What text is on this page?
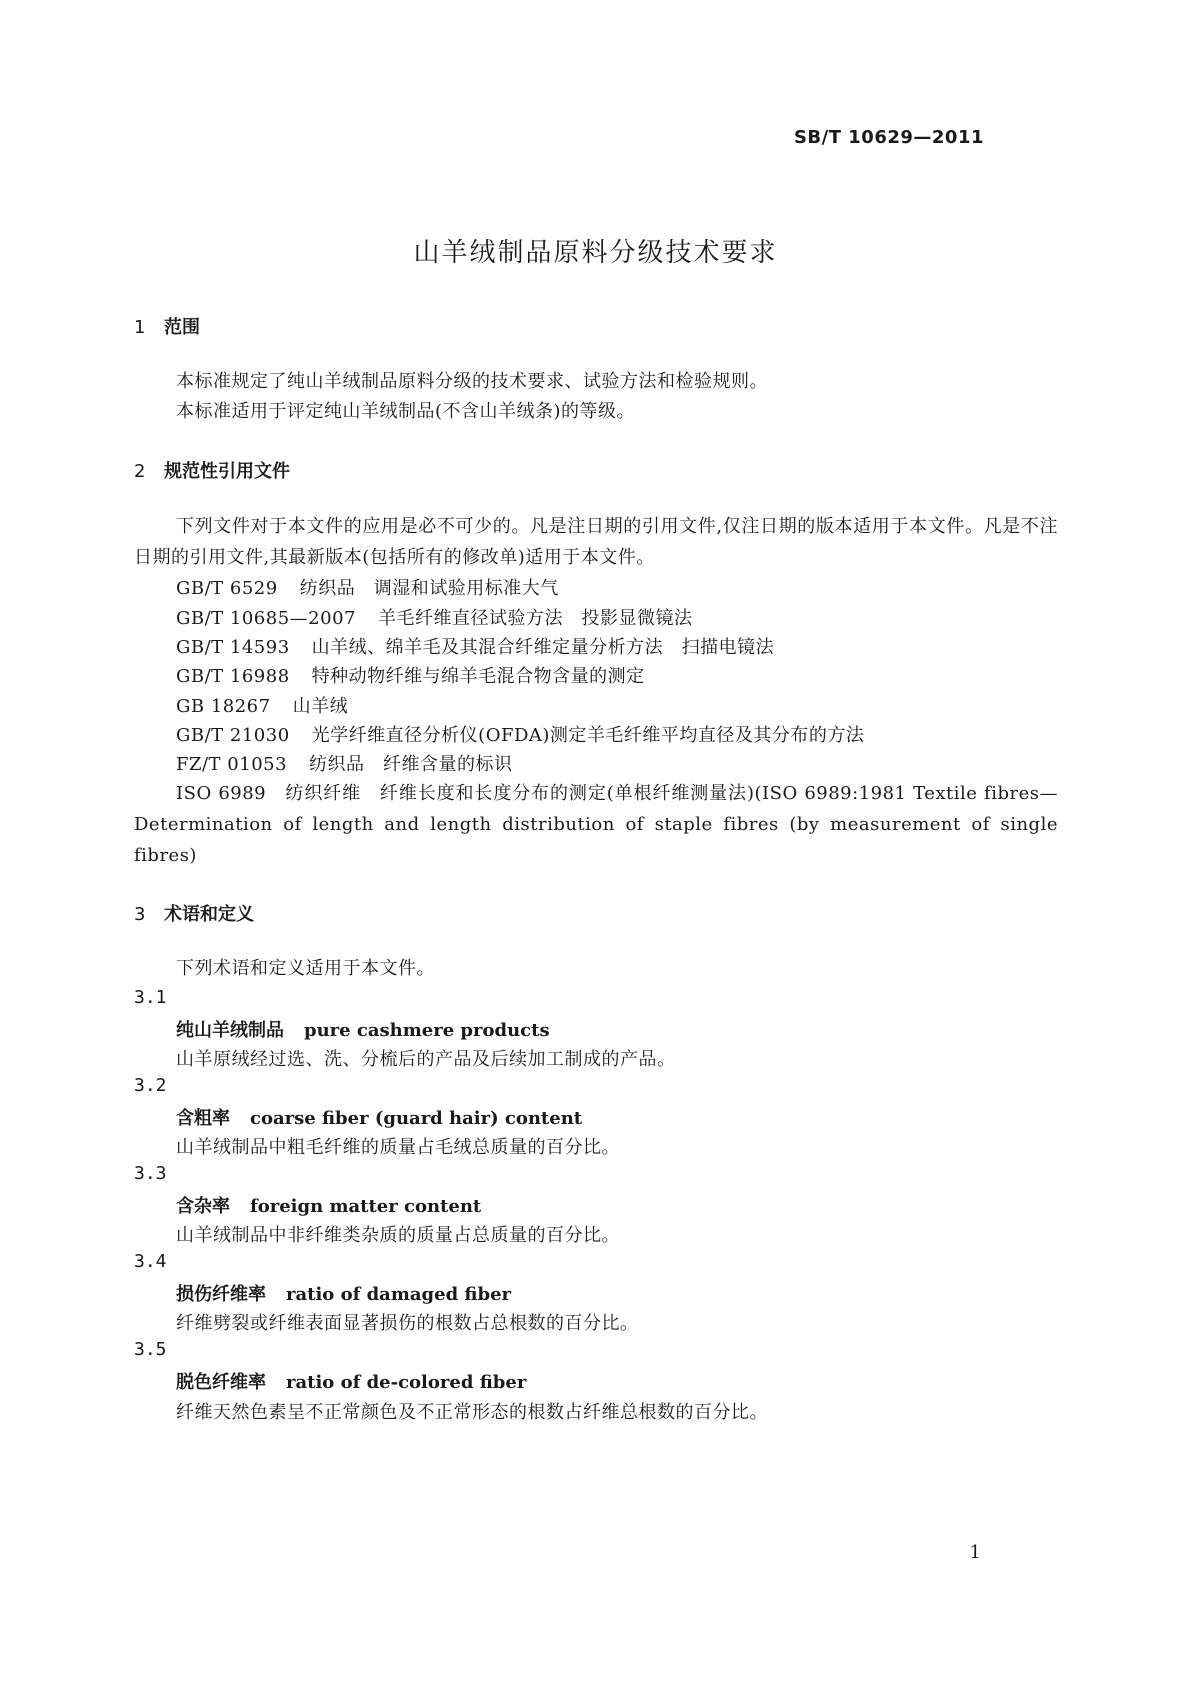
SB/T 10629—2011
山羊绒制品原料分级技术要求
1 范围

本标准规定了纯山羊绒制品原料分级的技术要求、试验方法和检验规则。

本标准适用于评定纯山羊绒制品(不含山羊绒条)的等级。

2 规范性引用文件

下列文件对于本文件的应用是必不可少的。凡是注日期的引用文件,仅注日期的版本适用于本文件。凡是不注日期的引用文件,其最新版本(包括所有的修改单)适用于本文件。

GB/T 6529 纺织品　调湿和试验用标准大气
GB/T 10685—2007 羊毛纤维直径试验方法　投影显微镜法
GB/T 14593 山羊绒、绵羊毛及其混合纤维定量分析方法　扫描电镜法
GB/T 16988 特种动物纤维与绵羊毛混合物含量的测定
GB 18267 山羊绒
GB/T 21030 光学纤维直径分析仪(OFDA)测定羊毛纤维平均直径及其分布的方法
FZ/T 01053 纺织品　纤维含量的标识

ISO 6989　纺织纤维　纤维长度和长度分布的测定(单根纤维测量法)(ISO 6989:1981 Textile fibres—Determination of length and length distribution of staple fibres (by measurement of single fibres)

3 术语和定义

下列术语和定义适用于本文件。

3.1
纯山羊绒制品 pure cashmere products
山羊原绒经过选、洗、分梳后的产品及后续加工制成的产品。
3.2
含粗率 coarse fiber (guard hair) content
山羊绒制品中粗毛纤维的质量占毛绒总质量的百分比。
3.3
含杂率 foreign matter content
山羊绒制品中非纤维类杂质的质量占总质量的百分比。
3.4
损伤纤维率 ratio of damaged fiber
纤维劈裂或纤维表面显著损伤的根数占总根数的百分比。
3.5
脱色纤维率 ratio of de-colored fiber
纤维天然色素呈不正常颜色及不正常形态的根数占纤维总根数的百分比。
1
